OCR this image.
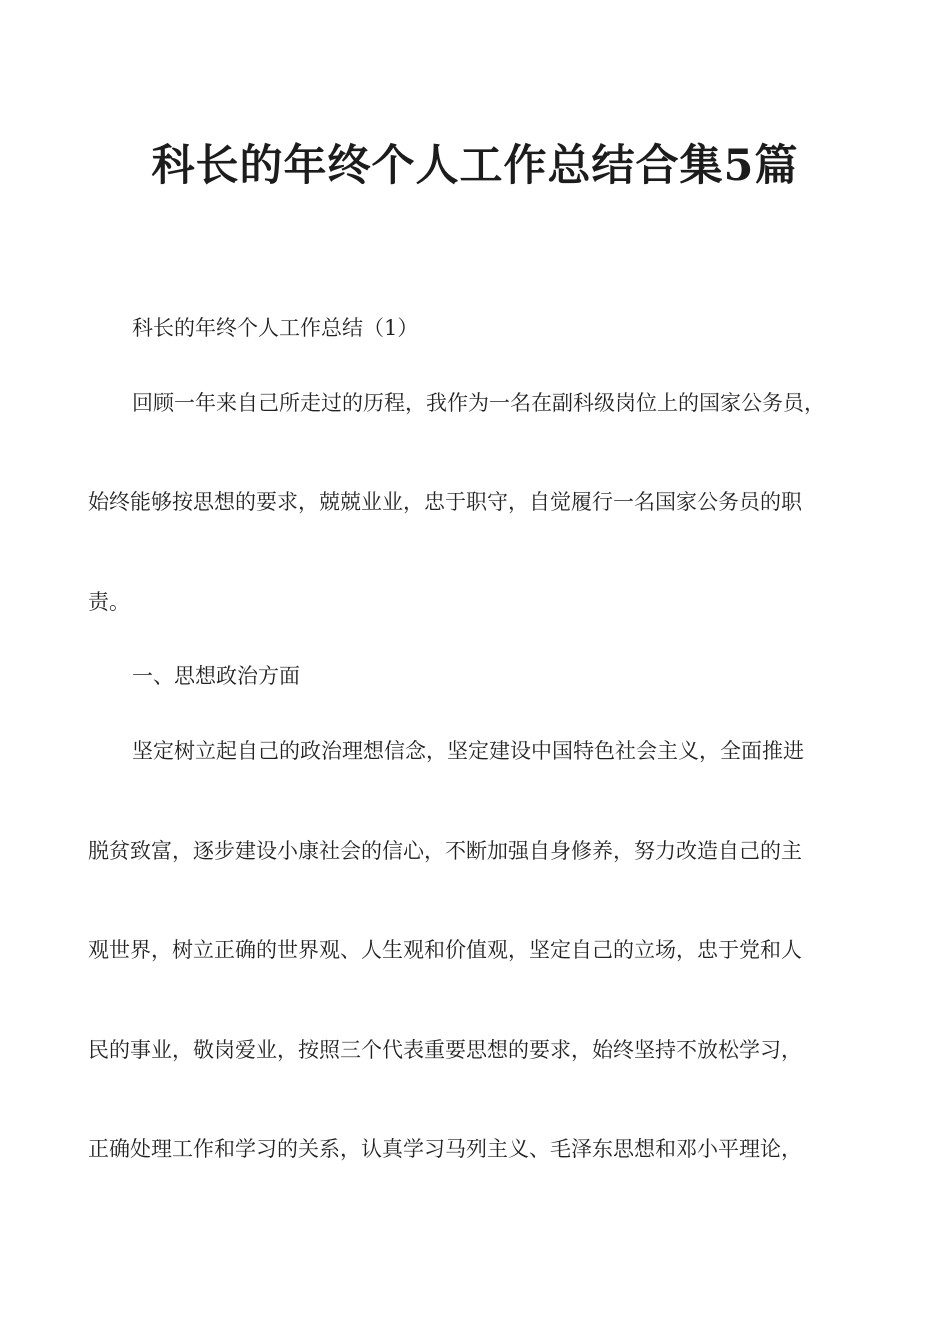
科长的年终个人工作总结合集5篇

科长的年终个人工作总结（1）

回顾一年来自己所走过的历程，我作为一名在副科级岗位上的国家公务员，

始终能够按思想的要求，兢兢业业，忠于职守，自觉履行一名国家公务员的职

责。

一、思想政治方面

坚定树立起自己的政治理想信念，坚定建设中国特色社会主义，全面推进

脱贫致富，逐步建设小康社会的信心，不断加强自身修养，努力改造自己的主

观世界，树立正确的世界观、人生观和价值观，坚定自己的立场，忠于党和人

民的事业，敬岗爱业，按照三个代表重要思想的要求，始终坚持不放松学习，

正确处理工作和学习的关系，认真学习马列主义、毛泽东思想和邓小平理论，
